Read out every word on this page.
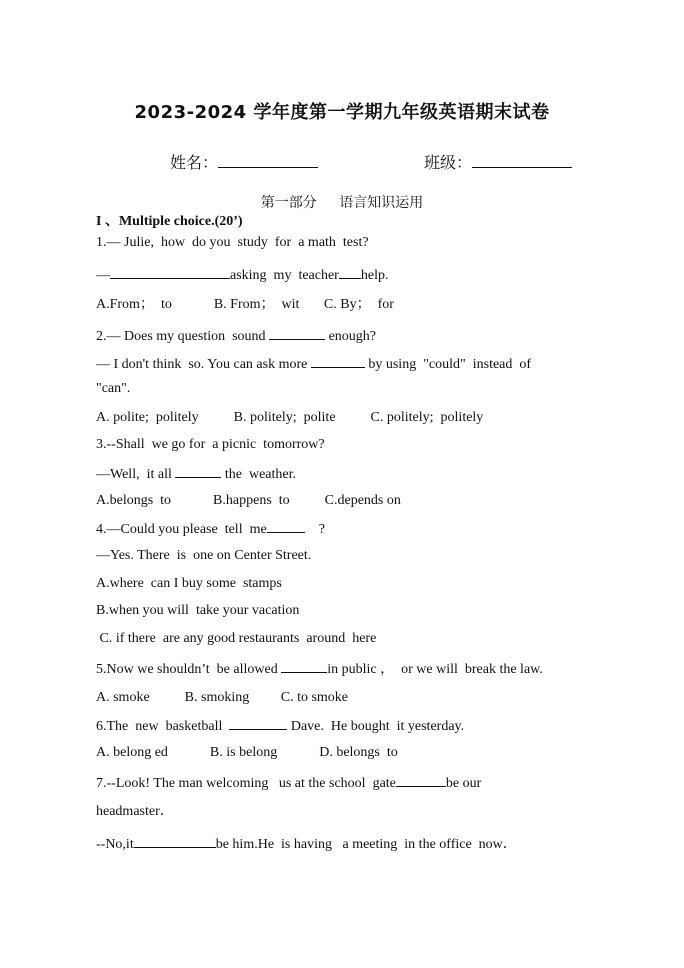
2023-2024 学年度第一学期九年级英语期末试卷
姓名：	班级：
第一部分 语言知识运用
I 、Multiple choice.(20’)
1.— Julie,  how  do you  study  for  a math  test?
—	asking  my  teacher help.
A.From；  to            B. From；  wit       C. By；  for
2.— Does my question  sound	enough?
— I don't think  so. You can ask more	by using  "could"  instead  of
"can".
A. polite;  politely          B. politely;  polite          C. politely;  politely
3.--Shall  we go for  a picnic  tomorrow?
—Well,  it all	the  weather.
A.belongs  to            B.happens  to          C.depends on
4.—Could you please  tell  me	?
—Yes. There  is  one on Center Street.
A.where  can I buy some  stamps
B.when you will  take your vacation
C. if there  are any good restaurants  around  here
5.Now we shouldn’t  be allowed	in public ，  or we will  break the law.
A. smoke          B. smoking         C. to smoke
6.The  new  basketball	Dave.  He bought  it yesterday.
A. belong ed            B. is belong            D. belongs  to
7.--Look! The man welcoming   us at the school  gate	be our
headmaster．
--No,it	be him.He  is having   a meeting  in the office  now．
